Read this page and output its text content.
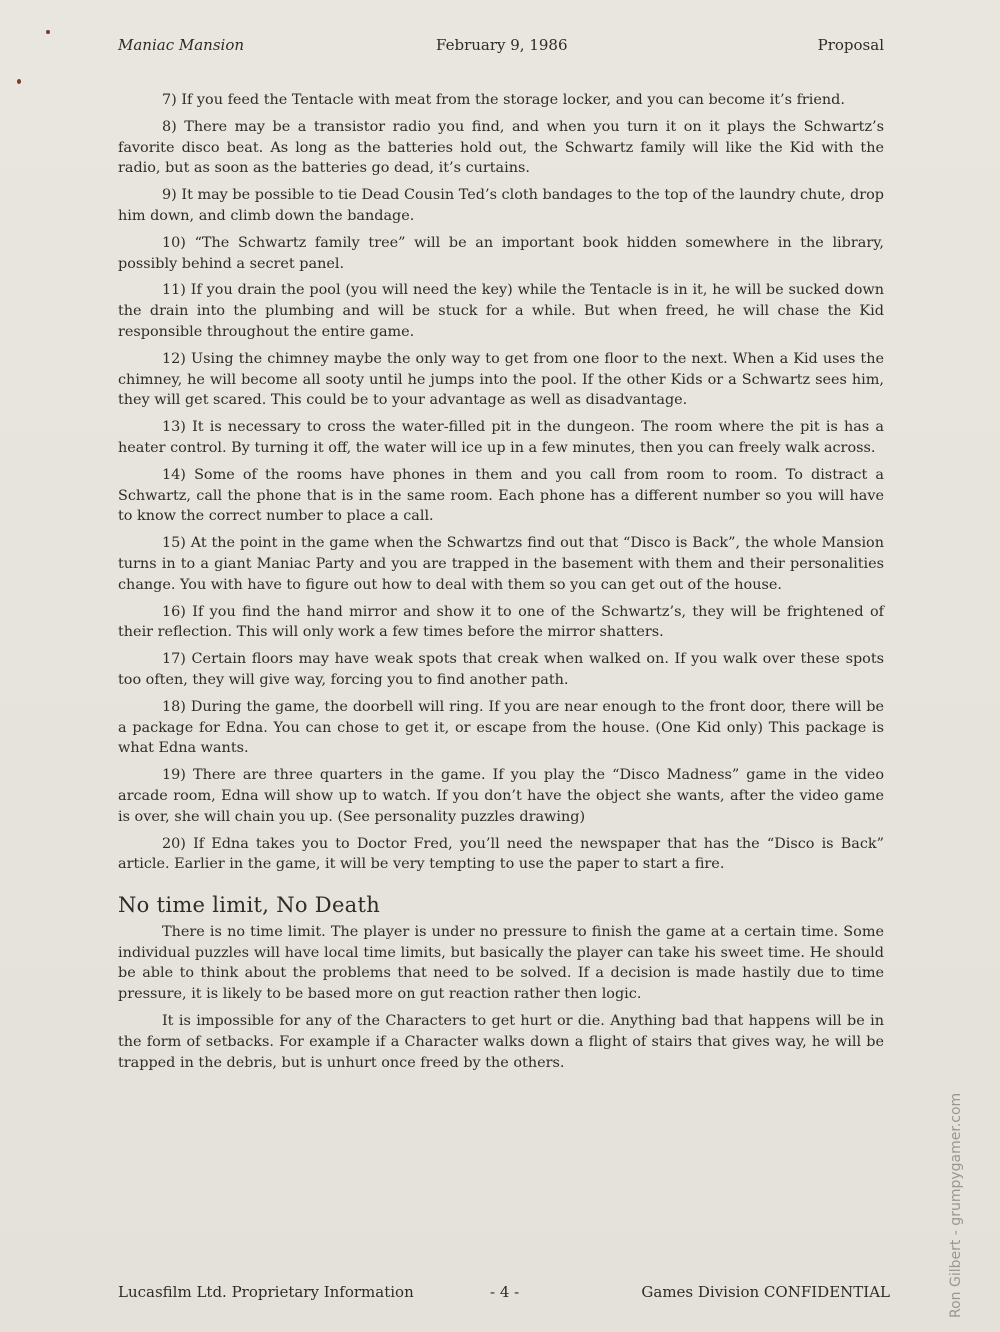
Maniac Mansion	February 9, 1986	Proposal

7) If you feed the Tentacle with meat from the storage locker, and you can become it’s friend.

8) There may be a transistor radio you find, and when you turn it on it plays the Schwartz’s favorite disco beat. As long as the batteries hold out, the Schwartz family will like the Kid with the radio, but as soon as the batteries go dead, it’s curtains.

9) It may be possible to tie Dead Cousin Ted’s cloth bandages to the top of the laundry chute, drop him down, and climb down the bandage.

10) “The Schwartz family tree” will be an important book hidden somewhere in the library, possibly behind a secret panel.

11) If you drain the pool (you will need the key) while the Tentacle is in it, he will be sucked down the drain into the plumbing and will be stuck for a while. But when freed, he will chase the Kid responsible throughout the entire game.

12) Using the chimney maybe the only way to get from one floor to the next. When a Kid uses the chimney, he will become all sooty until he jumps into the pool. If the other Kids or a Schwartz sees him, they will get scared. This could be to your advantage as well as disadvantage.

13) It is necessary to cross the water-filled pit in the dungeon. The room where the pit is has a heater control. By turning it off, the water will ice up in a few minutes, then you can freely walk across.

14) Some of the rooms have phones in them and you call from room to room. To distract a Schwartz, call the phone that is in the same room. Each phone has a different number so you will have to know the correct number to place a call.

15) At the point in the game when the Schwartzs find out that “Disco is Back”, the whole Mansion turns in to a giant Maniac Party and you are trapped in the basement with them and their personalities change. You with have to figure out how to deal with them so you can get out of the house.

16) If you find the hand mirror and show it to one of the Schwartz’s, they will be frightened of their reflection. This will only work a few times before the mirror shatters.

17) Certain floors may have weak spots that creak when walked on. If you walk over these spots too often, they will give way, forcing you to find another path.

18) During the game, the doorbell will ring. If you are near enough to the front door, there will be a package for Edna. You can chose to get it, or escape from the house. (One Kid only) This package is what Edna wants.

19) There are three quarters in the game. If you play the “Disco Madness” game in the video arcade room, Edna will show up to watch. If you don’t have the object she wants, after the video game is over, she will chain you up. (See personality puzzles drawing)

20) If Edna takes you to Doctor Fred, you’ll need the newspaper that has the “Disco is Back” article. Earlier in the game, it will be very tempting to use the paper to start a fire.

No time limit, No Death

There is no time limit. The player is under no pressure to finish the game at a certain time. Some individual puzzles will have local time limits, but basically the player can take his sweet time. He should be able to think about the problems that need to be solved. If a decision is made hastily due to time pressure, it is likely to be based more on gut reaction rather then logic.

It is impossible for any of the Characters to get hurt or die. Anything bad that happens will be in the form of setbacks. For example if a Character walks down a flight of stairs that gives way, he will be trapped in the debris, but is unhurt once freed by the others.

Lucasfilm Ltd. Proprietary Information	- 4 -	Games Division CONFIDENTIAL	Ron Gilbert - grumpygamer.com
